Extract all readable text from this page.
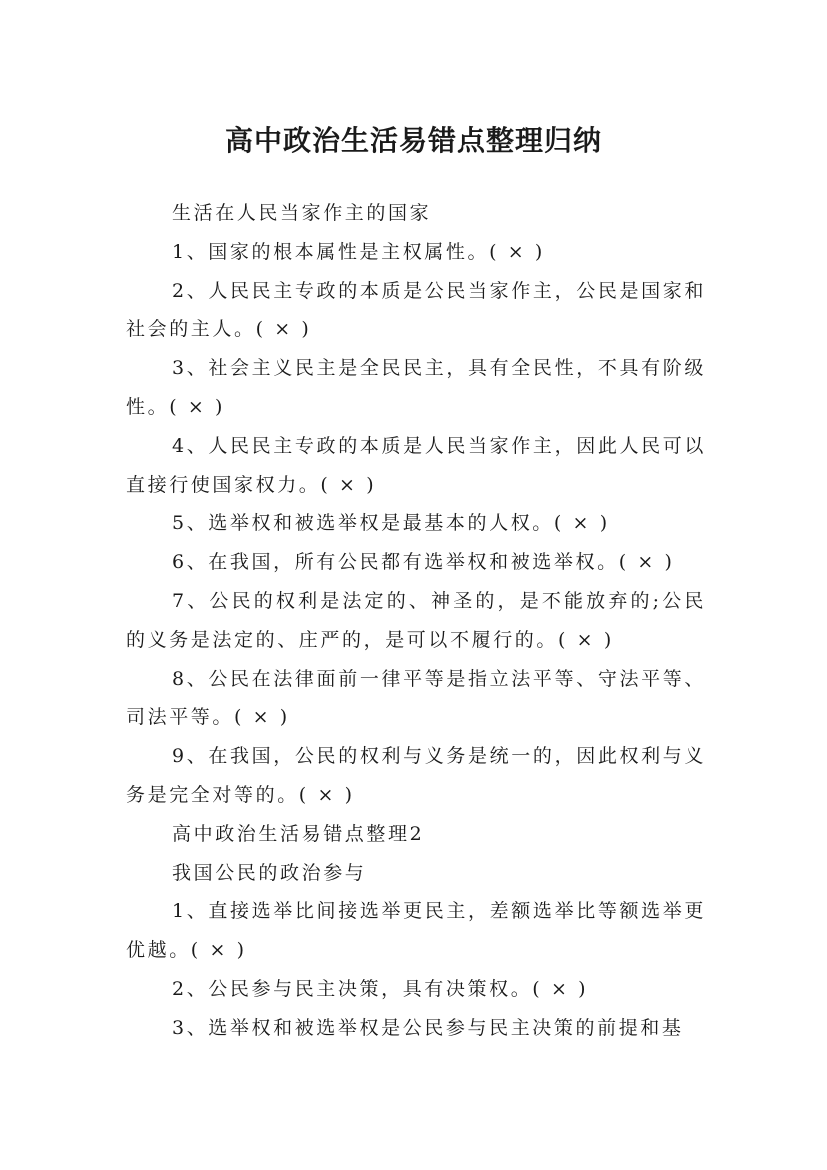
高中政治生活易错点整理归纳

生活在人民当家作主的国家

1、国家的根本属性是主权属性。( × )

2、人民民主专政的本质是公民当家作主，公民是国家和社会的主人。( × )

3、社会主义民主是全民民主，具有全民性，不具有阶级性。( × )

4、人民民主专政的本质是人民当家作主，因此人民可以直接行使国家权力。( × )

5、选举权和被选举权是最基本的人权。( × )

6、在我国，所有公民都有选举权和被选举权。( × )

7、公民的权利是法定的、神圣的，是不能放弃的;公民的义务是法定的、庄严的，是可以不履行的。( × )

8、公民在法律面前一律平等是指立法平等、守法平等、司法平等。( × )

9、在我国，公民的权利与义务是统一的，因此权利与义务是完全对等的。( × )

高中政治生活易错点整理2

我国公民的政治参与

1、直接选举比间接选举更民主，差额选举比等额选举更优越。( × )

2、公民参与民主决策，具有决策权。( × )

3、选举权和被选举权是公民参与民主决策的前提和基
